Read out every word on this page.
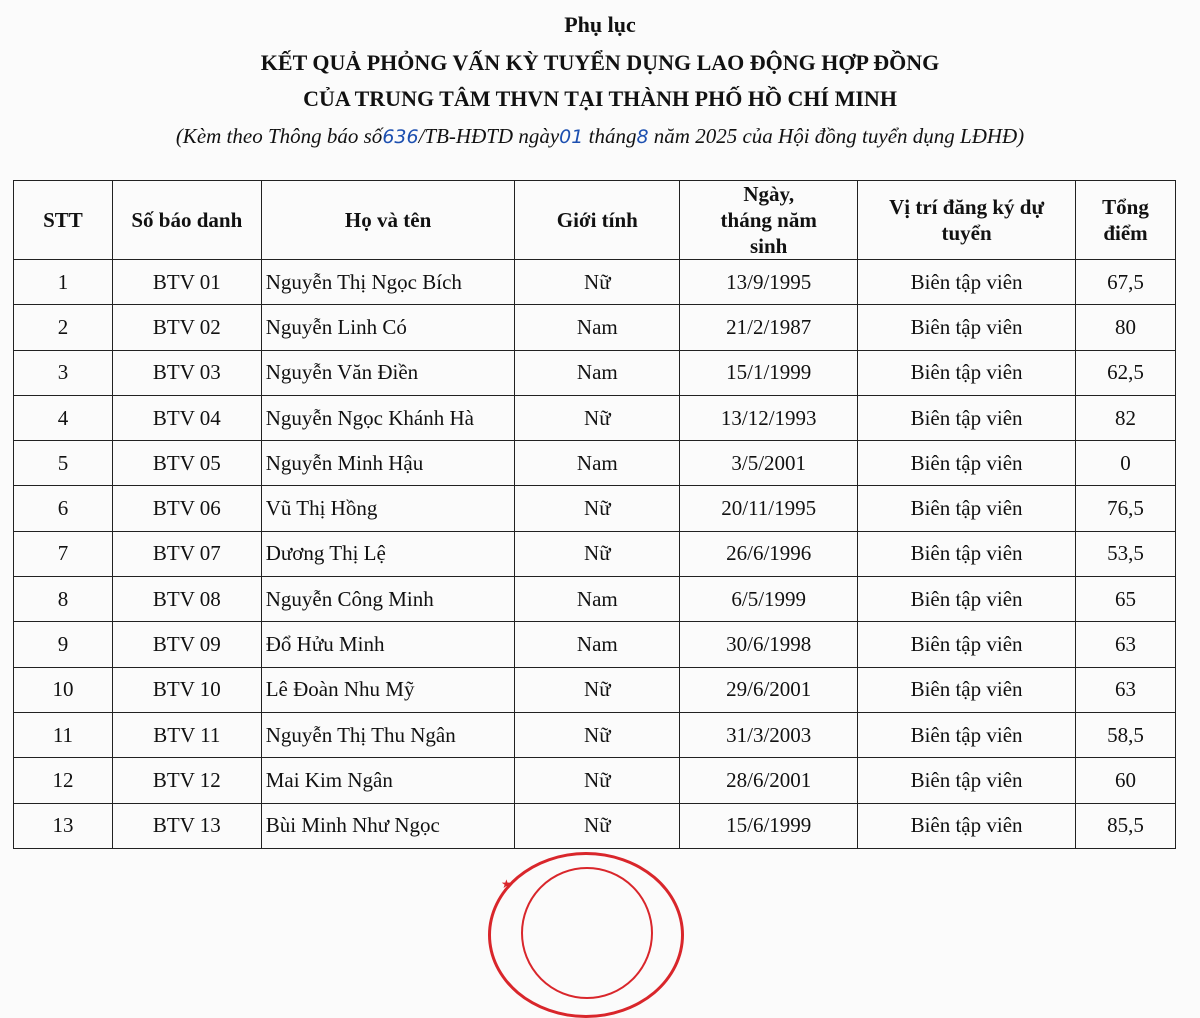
Phụ lục
KẾT QUẢ PHỎNG VẤN KỲ TUYỂN DỤNG LAO ĐỘNG HỢP ĐỒNG
CỦA TRUNG TÂM THVN TẠI THÀNH PHỐ HỒ CHÍ MINH
(Kèm theo Thông báo số636/TB-HĐTD ngày01 tháng8 năm 2025 của Hội đồng tuyển dụng LĐHĐ)
STT	Số báo danh	Họ và tên	Giới tính	Ngày, tháng năm sinh	Vị trí đăng ký dự tuyển	Tổng điểm
1	BTV 01	Nguyễn Thị Ngọc Bích	Nữ	13/9/1995	Biên tập viên	67,5
2	BTV 02	Nguyễn Linh Có	Nam	21/2/1987	Biên tập viên	80
3	BTV 03	Nguyễn Văn Điền	Nam	15/1/1999	Biên tập viên	62,5
4	BTV 04	Nguyễn Ngọc Khánh Hà	Nữ	13/12/1993	Biên tập viên	82
5	BTV 05	Nguyễn Minh Hậu	Nam	3/5/2001	Biên tập viên	0
6	BTV 06	Vũ Thị Hồng	Nữ	20/11/1995	Biên tập viên	76,5
7	BTV 07	Dương Thị Lệ	Nữ	26/6/1996	Biên tập viên	53,5
8	BTV 08	Nguyễn Công Minh	Nam	6/5/1999	Biên tập viên	65
9	BTV 09	Đổ Hửu Minh	Nam	30/6/1998	Biên tập viên	63
10	BTV 10	Lê Đoàn Nhu Mỹ	Nữ	29/6/2001	Biên tập viên	63
11	BTV 11	Nguyễn Thị Thu Ngân	Nữ	31/3/2003	Biên tập viên	58,5
12	BTV 12	Mai Kim Ngân	Nữ	28/6/2001	Biên tập viên	60
13	BTV 13	Bùi Minh Như Ngọc	Nữ	15/6/1999	Biên tập viên	85,5
★
